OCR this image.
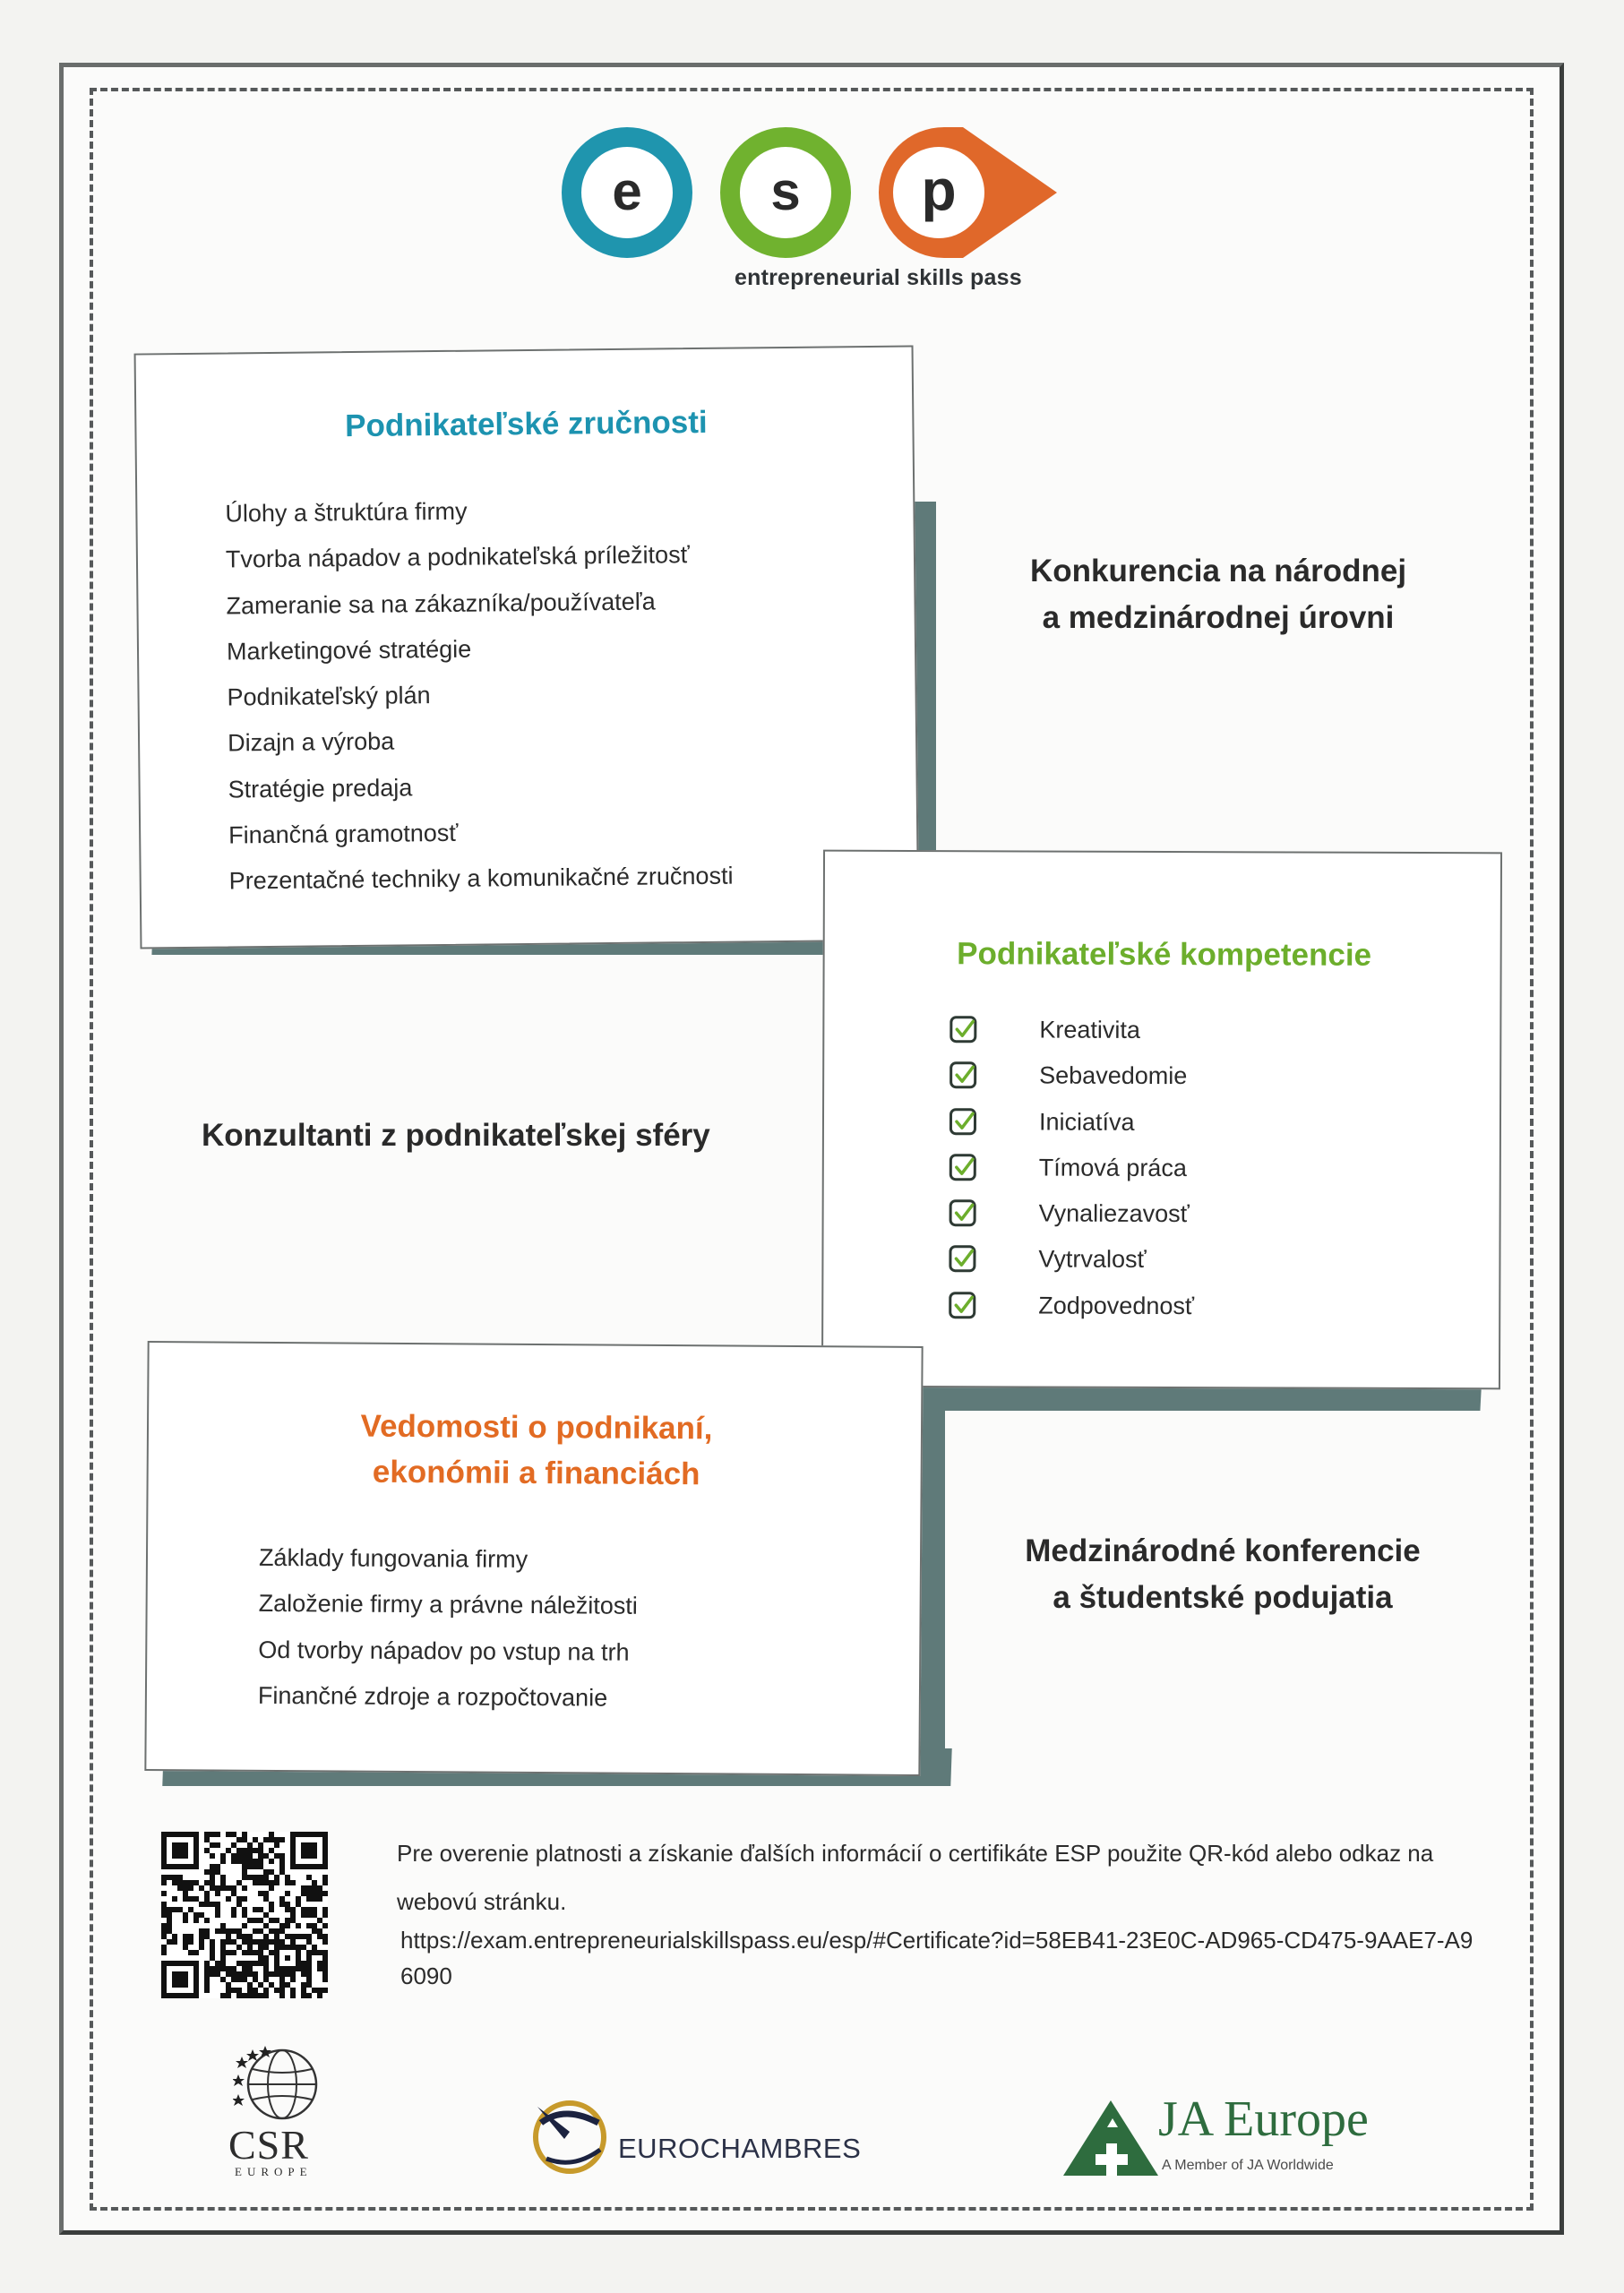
e s p
entrepreneurial skills pass
Podnikateľské zručnosti
Úlohy a štruktúra firmy
Tvorba nápadov a podnikateľská príležitosť
Zameranie sa na zákazníka/používateľa
Marketingové stratégie
Podnikateľský plán
Dizajn a výroba
Stratégie predaja
Finančná gramotnosť
Prezentačné techniky a komunikačné zručnosti
Konkurencia na národnej
a medzinárodnej úrovni
Podnikateľské kompetencie
Kreativita
Sebavedomie
Iniciatíva
Tímová práca
Vynaliezavosť
Vytrvalosť
Zodpovednosť
Konzultanti z podnikateľskej sféry
Vedomosti o podnikaní,
ekonómii a financiách
Základy fungovania firmy
Založenie firmy a právne náležitosti
Od tvorby nápadov po vstup na trh
Finančné zdroje a rozpočtovanie
Medzinárodné konferencie
a študentské podujatia
Pre overenie platnosti a získanie ďalších informácií o certifikáte ESP použite QR-kód alebo odkaz na webovú stránku.
https://exam.entrepreneurialskillspass.eu/esp/#Certificate?id=58EB41-23E0C-AD965-CD475-9AAE7-A96090
CSR
EUROPE
EUROCHAMBRES
JA Europe
A Member of JA Worldwide
